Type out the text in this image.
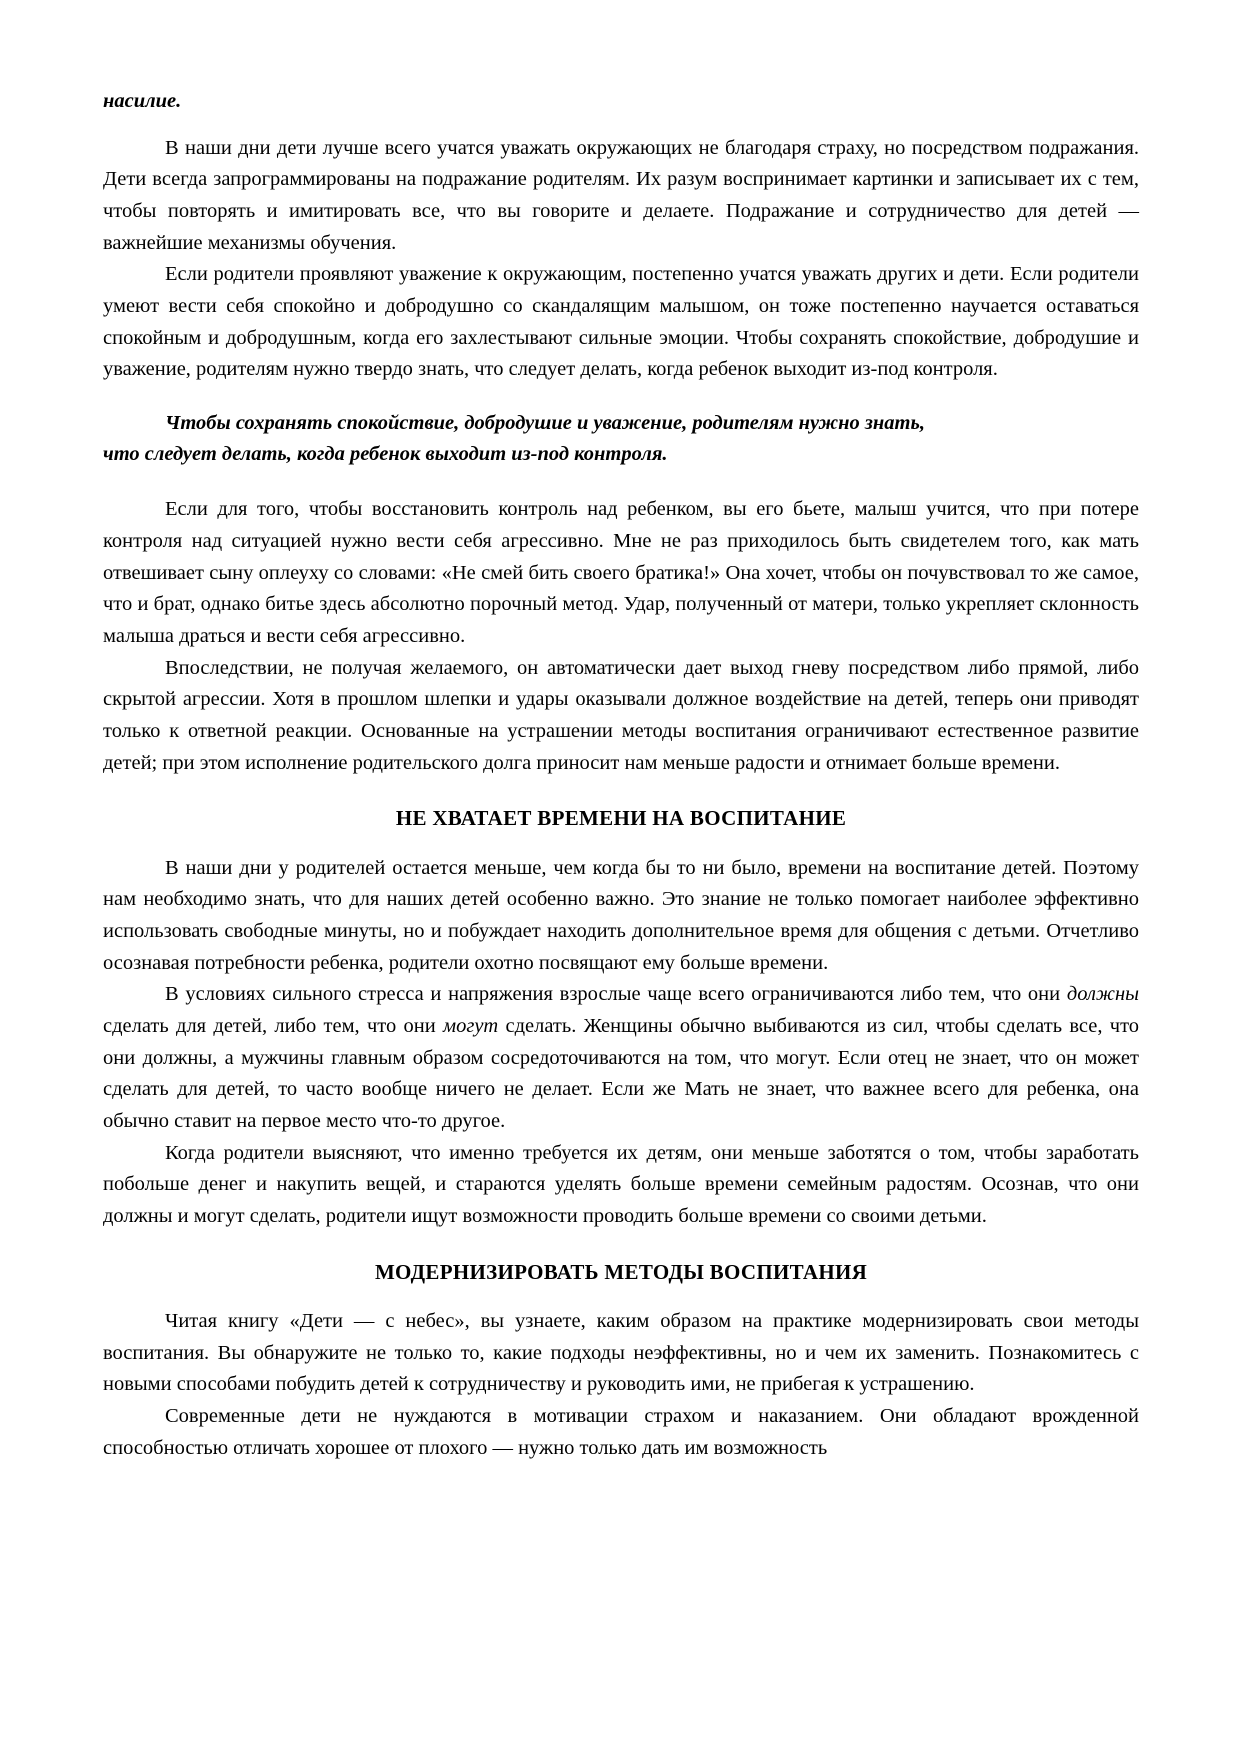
насилие.

В наши дни дети лучше всего учатся уважать окружающих не благодаря страху, но посредством подражания. Дети всегда запрограммированы на подражание родителям. Их разум воспринимает картинки и записывает их с тем, чтобы повторять и имитировать все, что вы говорите и делаете. Подражание и сотрудничество для детей — важнейшие механизмы обучения.

Если родители проявляют уважение к окружающим, постепенно учатся уважать других и дети. Если родители умеют вести себя спокойно и добродушно со скандалящим малышом, он тоже постепенно научается оставаться спокойным и добродушным, когда его захлестывают сильные эмоции. Чтобы сохранять спокойствие, добродушие и уважение, родителям нужно твердо знать, что следует делать, когда ребенок выходит из-под контроля.

Чтобы сохранять спокойствие, добродушие и уважение, родителям нужно знать,
что следует делать, когда ребенок выходит из-под контроля.

Если для того, чтобы восстановить контроль над ребенком, вы его бьете, малыш учится, что при потере контроля над ситуацией нужно вести себя агрессивно. Мне не раз приходилось быть свидетелем того, как мать отвешивает сыну оплеуху со словами: «Не смей бить своего братика!» Она хочет, чтобы он почувствовал то же самое, что и брат, однако битье здесь абсолютно порочный метод. Удар, полученный от матери, только укрепляет склонность малыша драться и вести себя агрессивно.

Впоследствии, не получая желаемого, он автоматически дает выход гневу посредством либо прямой, либо скрытой агрессии. Хотя в прошлом шлепки и удары оказывали должное воздействие на детей, теперь они приводят только к ответной реакции. Основанные на устрашении методы воспитания ограничивают естественное развитие детей; при этом исполнение родительского долга приносит нам меньше радости и отнимает больше времени.

НЕ ХВАТАЕТ ВРЕМЕНИ НА ВОСПИТАНИЕ

В наши дни у родителей остается меньше, чем когда бы то ни было, времени на воспитание детей. Поэтому нам необходимо знать, что для наших детей особенно важно. Это знание не только помогает наиболее эффективно использовать свободные минуты, но и побуждает находить дополнительное время для общения с детьми. Отчетливо осознавая потребности ребенка, родители охотно посвящают ему больше времени.

В условиях сильного стресса и напряжения взрослые чаще всего ограничиваются либо тем, что они должны сделать для детей, либо тем, что они могут сделать. Женщины обычно выбиваются из сил, чтобы сделать все, что они должны, а мужчины главным образом сосредоточиваются на том, что могут. Если отец не знает, что он может сделать для детей, то часто вообще ничего не делает. Если же Мать не знает, что важнее всего для ребенка, она обычно ставит на первое место что-то другое.

Когда родители выясняют, что именно требуется их детям, они меньше заботятся о том, чтобы заработать побольше денег и накупить вещей, и стараются уделять больше времени семейным радостям. Осознав, что они должны и могут сделать, родители ищут возможности проводить больше времени со своими детьми.

МОДЕРНИЗИРОВАТЬ МЕТОДЫ ВОСПИТАНИЯ

Читая книгу «Дети — с небес», вы узнаете, каким образом на практике модернизировать свои методы воспитания. Вы обнаружите не только то, какие подходы неэффективны, но и чем их заменить. Познакомитесь с новыми способами побудить детей к сотрудничеству и руководить ими, не прибегая к устрашению.

Современные дети не нуждаются в мотивации страхом и наказанием. Они обладают врожденной способностью отличать хорошее от плохого — нужно только дать им возможность
